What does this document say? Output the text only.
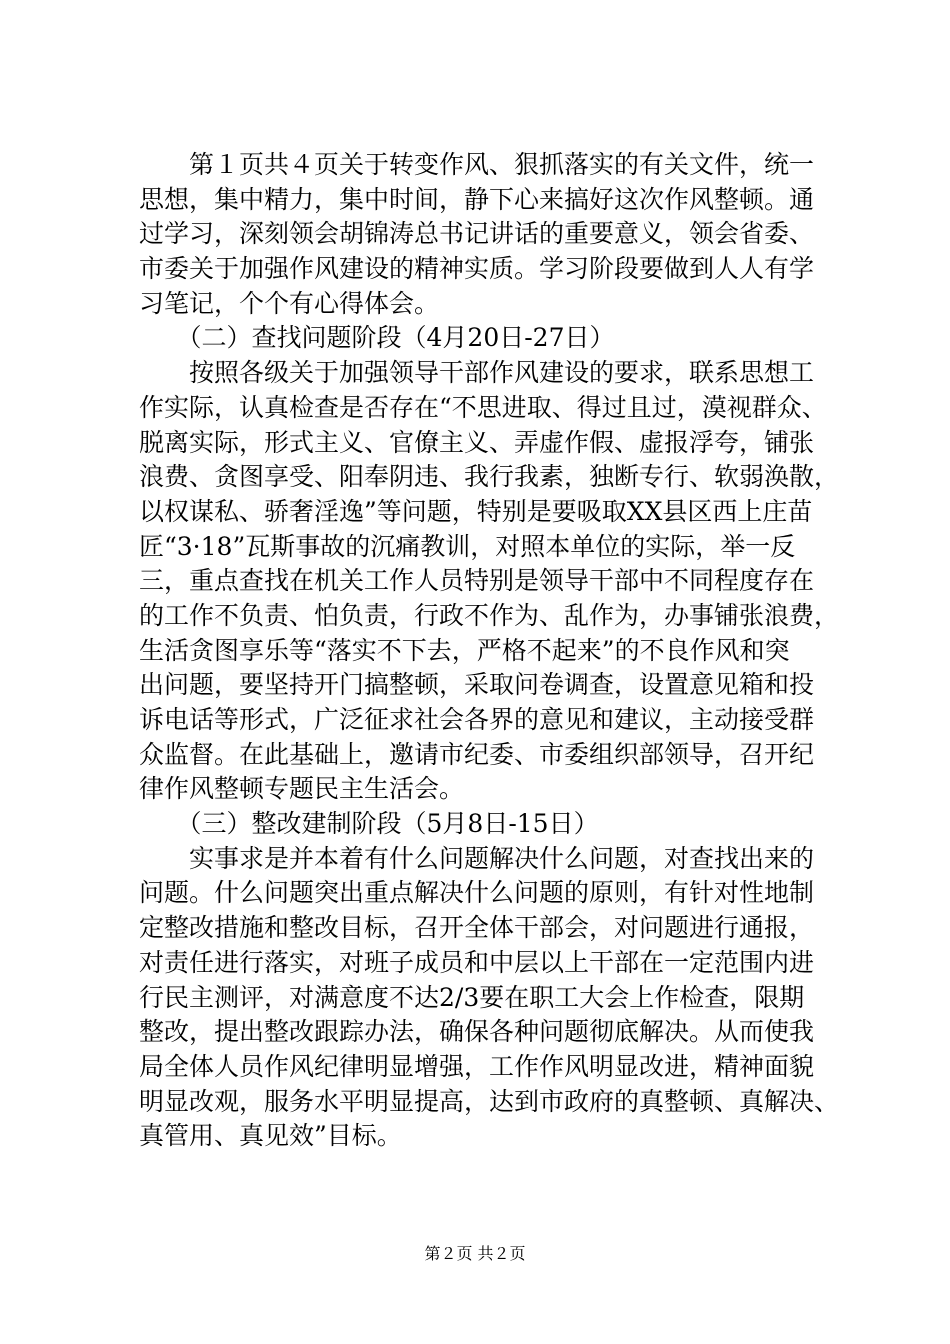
　　第１页共４页关于转变作风、狠抓落实的有关文件，统一
思想，集中精力，集中时间，静下心来搞好这次作风整顿。通
过学习，深刻领会胡锦涛总书记讲话的重要意义，领会省委、
市委关于加强作风建设的精神实质。学习阶段要做到人人有学
习笔记，个个有心得体会。
　　（二）查找问题阶段（4月20日-27日）
　　按照各级关于加强领导干部作风建设的要求，联系思想工
作实际，认真检查是否存在“不思进取、得过且过，漠视群众、
脱离实际，形式主义、官僚主义、弄虚作假、虚报浮夸，铺张
浪费、贪图享受、阳奉阴违、我行我素，独断专行、软弱涣散，
以权谋私、骄奢淫逸”等问题，特别是要吸取XX县区西上庄苗
匠“3·18”瓦斯事故的沉痛教训，对照本单位的实际，举一反
三，重点查找在机关工作人员特别是领导干部中不同程度存在
的工作不负责、怕负责，行政不作为、乱作为，办事铺张浪费，
生活贪图享乐等“落实不下去，严格不起来”的不良作风和突
出问题，要坚持开门搞整顿，采取问卷调查，设置意见箱和投
诉电话等形式，广泛征求社会各界的意见和建议，主动接受群
众监督。在此基础上，邀请市纪委、市委组织部领导，召开纪
律作风整顿专题民主生活会。
　　（三）整改建制阶段（5月8日-15日）
　　实事求是并本着有什么问题解决什么问题，对查找出来的
问题。什么问题突出重点解决什么问题的原则，有针对性地制
定整改措施和整改目标，召开全体干部会，对问题进行通报，
对责任进行落实，对班子成员和中层以上干部在一定范围内进
行民主测评，对满意度不达2/3要在职工大会上作检查，限期
整改，提出整改跟踪办法，确保各种问题彻底解决。从而使我
局全体人员作风纪律明显增强，工作作风明显改进，精神面貌
明显改观，服务水平明显提高，达到市政府的真整顿、真解决、
真管用、真见效”目标。
第２页 共２页
